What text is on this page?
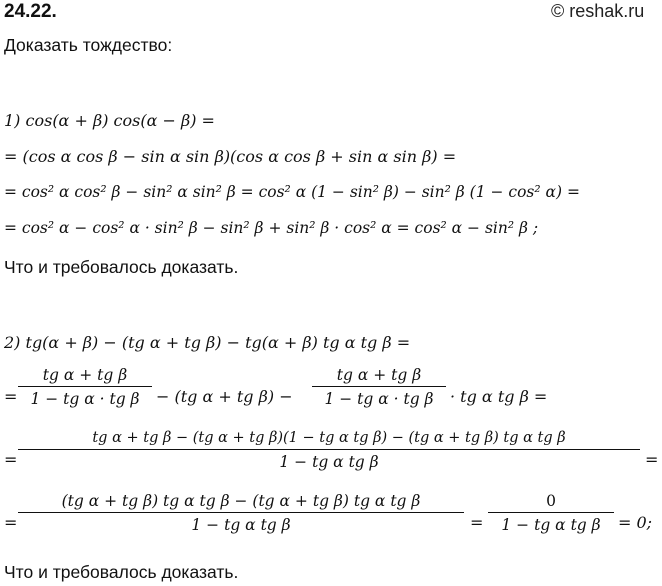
24.22.	© reshak.ru
Доказать тождество:
1) cos(α + β) cos(α − β) =
= (cos α cos β − sin α sin β)(cos α cos β + sin α sin β) =
= cos² α cos² β − sin² α sin² β = cos² α (1 − sin² β) − sin² β (1 − cos² α) =
= cos² α − cos² α · sin² β − sin² β + sin² β · cos² α = cos² α − sin² β ;
Что и требовалось доказать.
2) tg(α + β) − (tg α + tg β) − tg(α + β) tg α tg β =
=
tg α + tg β
1 − tg α · tg β − (tg α + tg β) −
tg α + tg β
1 − tg α · tg β · tg α tg β =
=
tg α + tg β − (tg α + tg β)(1 − tg α tg β) − (tg α + tg β) tg α tg β
1 − tg α tg β	=
=
(tg α + tg β) tg α tg β − (tg α + tg β) tg α tg β
1 − tg α tg β	=
0
1 − tg α tg β = 0;
Что и требовалось доказать.
